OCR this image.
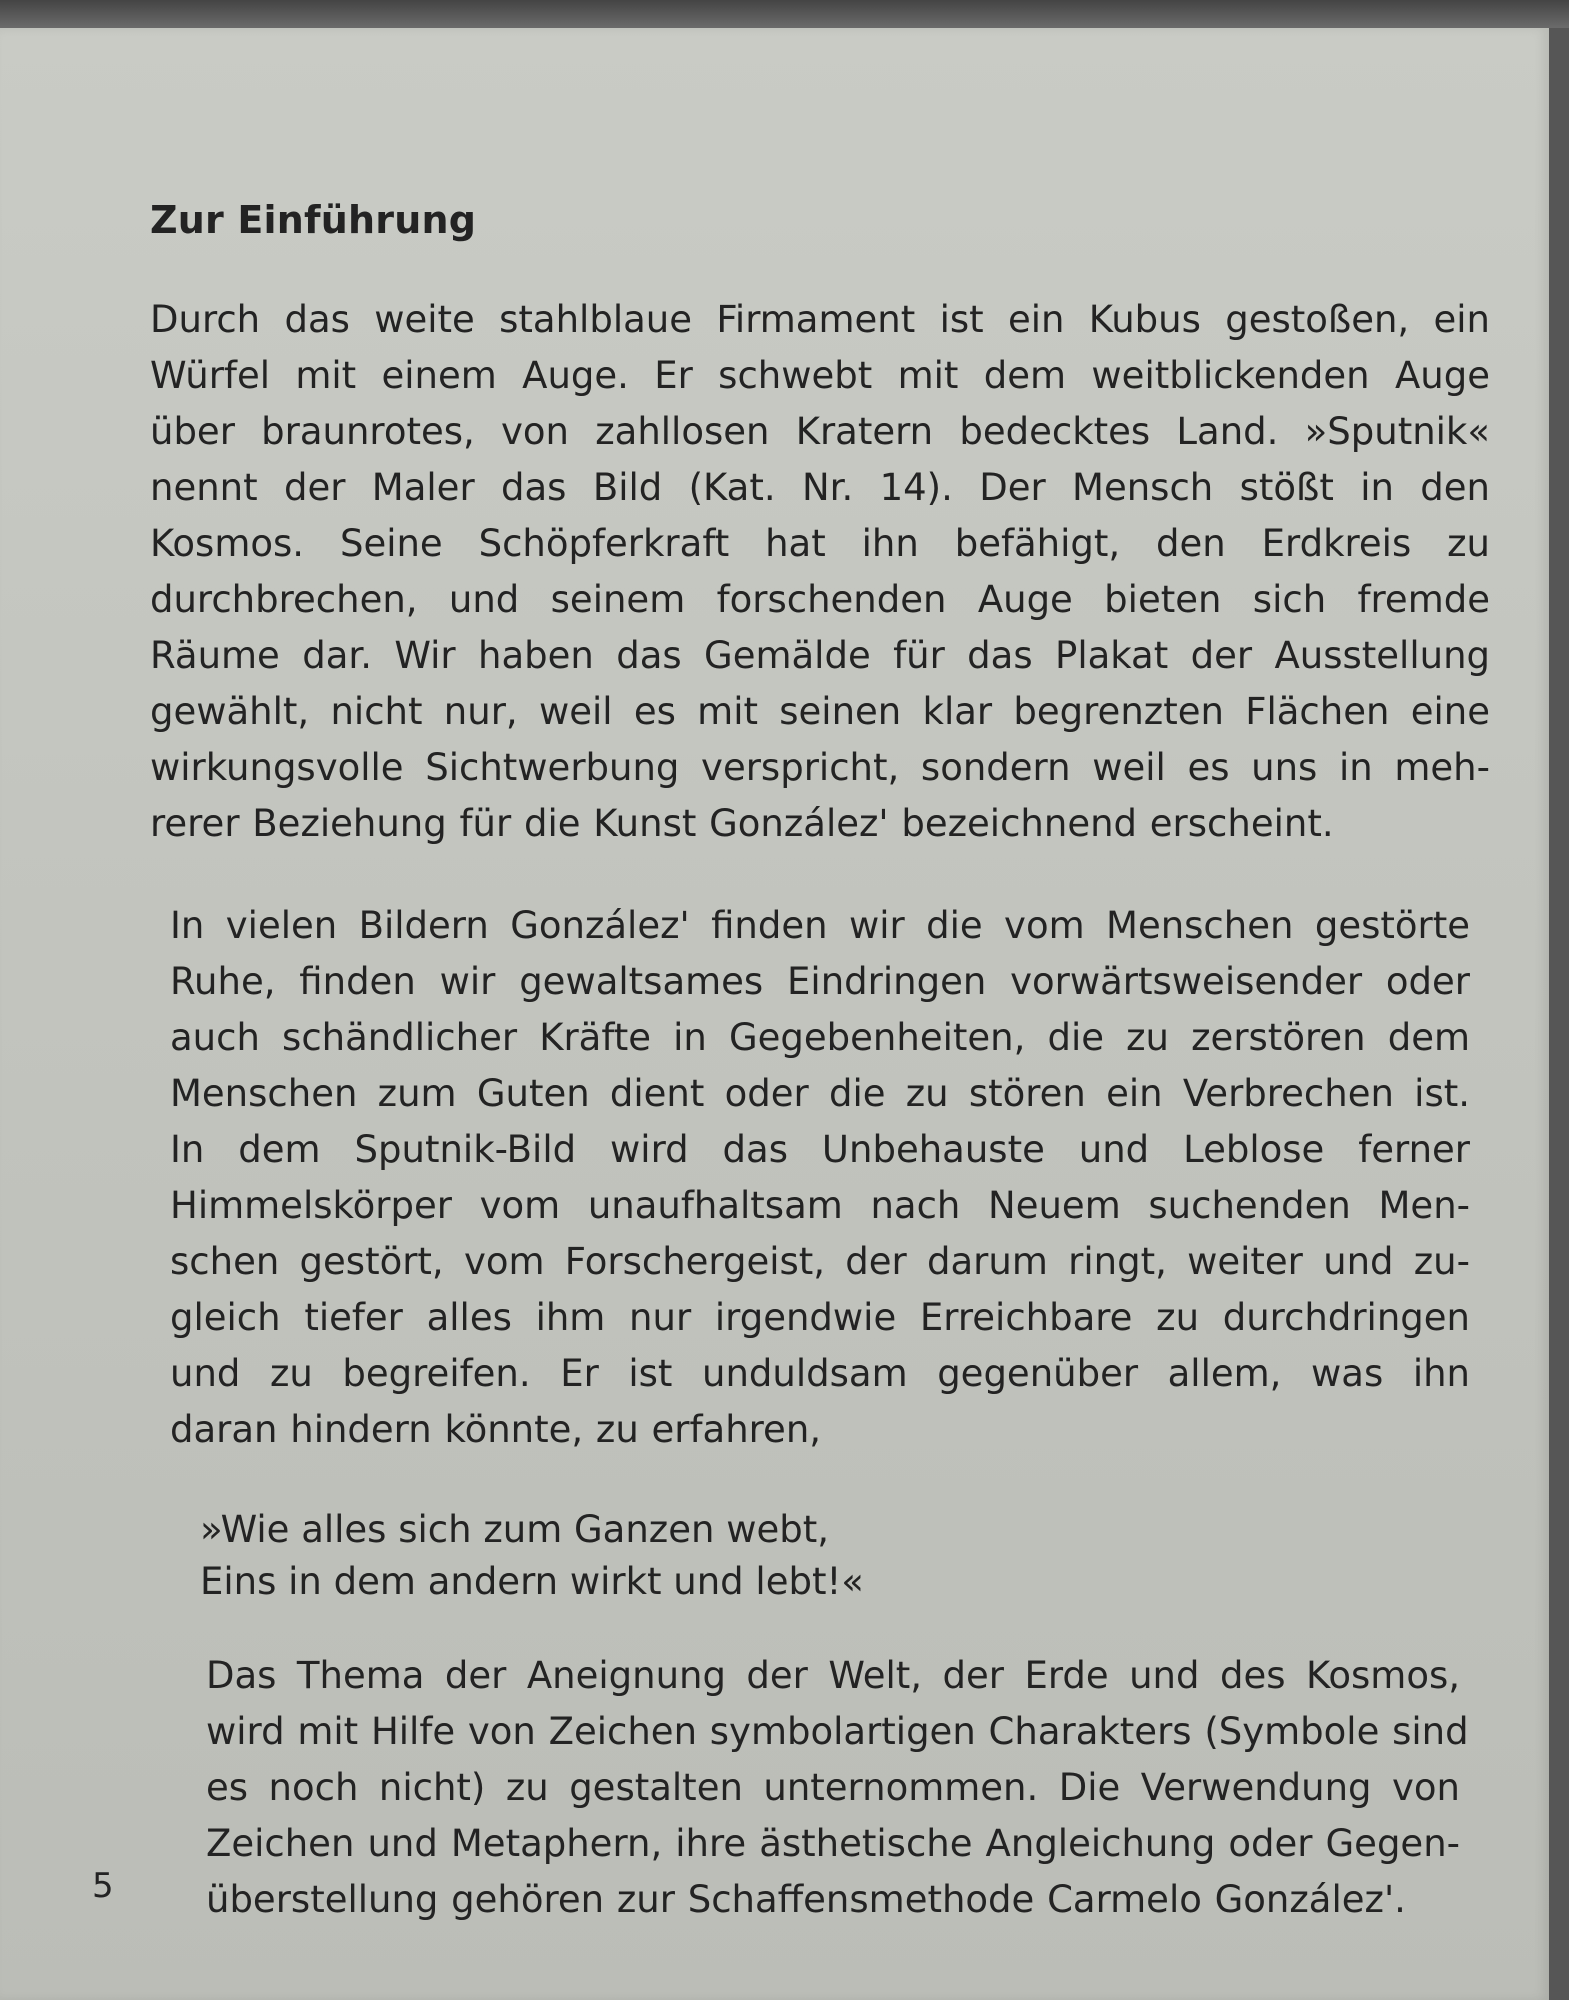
Zur Einführung
Durch das weite stahlblaue Firmament ist ein Kubus gestoßen, ein
Würfel mit einem Auge. Er schwebt mit dem weitblickenden Auge
über braunrotes, von zahllosen Kratern bedecktes Land. »Sputnik«
nennt der Maler das Bild (Kat. Nr. 14). Der Mensch stößt in den
Kosmos. Seine Schöpferkraft hat ihn befähigt, den Erdkreis zu
durchbrechen, und seinem forschenden Auge bieten sich fremde
Räume dar. Wir haben das Gemälde für das Plakat der Ausstellung
gewählt, nicht nur, weil es mit seinen klar begrenzten Flächen eine
wirkungsvolle Sichtwerbung verspricht, sondern weil es uns in meh-
rerer Beziehung für die Kunst González' bezeichnend erscheint.
In vielen Bildern González' finden wir die vom Menschen gestörte
Ruhe, finden wir gewaltsames Eindringen vorwärtsweisender oder
auch schändlicher Kräfte in Gegebenheiten, die zu zerstören dem
Menschen zum Guten dient oder die zu stören ein Verbrechen ist.
In dem Sputnik-Bild wird das Unbehauste und Leblose ferner
Himmelskörper vom unaufhaltsam nach Neuem suchenden Men-
schen gestört, vom Forschergeist, der darum ringt, weiter und zu-
gleich tiefer alles ihm nur irgendwie Erreichbare zu durchdringen
und zu begreifen. Er ist unduldsam gegenüber allem, was ihn
daran hindern könnte, zu erfahren,
»Wie alles sich zum Ganzen webt,
Eins in dem andern wirkt und lebt!«
Das Thema der Aneignung der Welt, der Erde und des Kosmos,
wird mit Hilfe von Zeichen symbolartigen Charakters (Symbole sind
es noch nicht) zu gestalten unternommen. Die Verwendung von
Zeichen und Metaphern, ihre ästhetische Angleichung oder Gegen-
überstellung gehören zur Schaffensmethode Carmelo González'.
5
